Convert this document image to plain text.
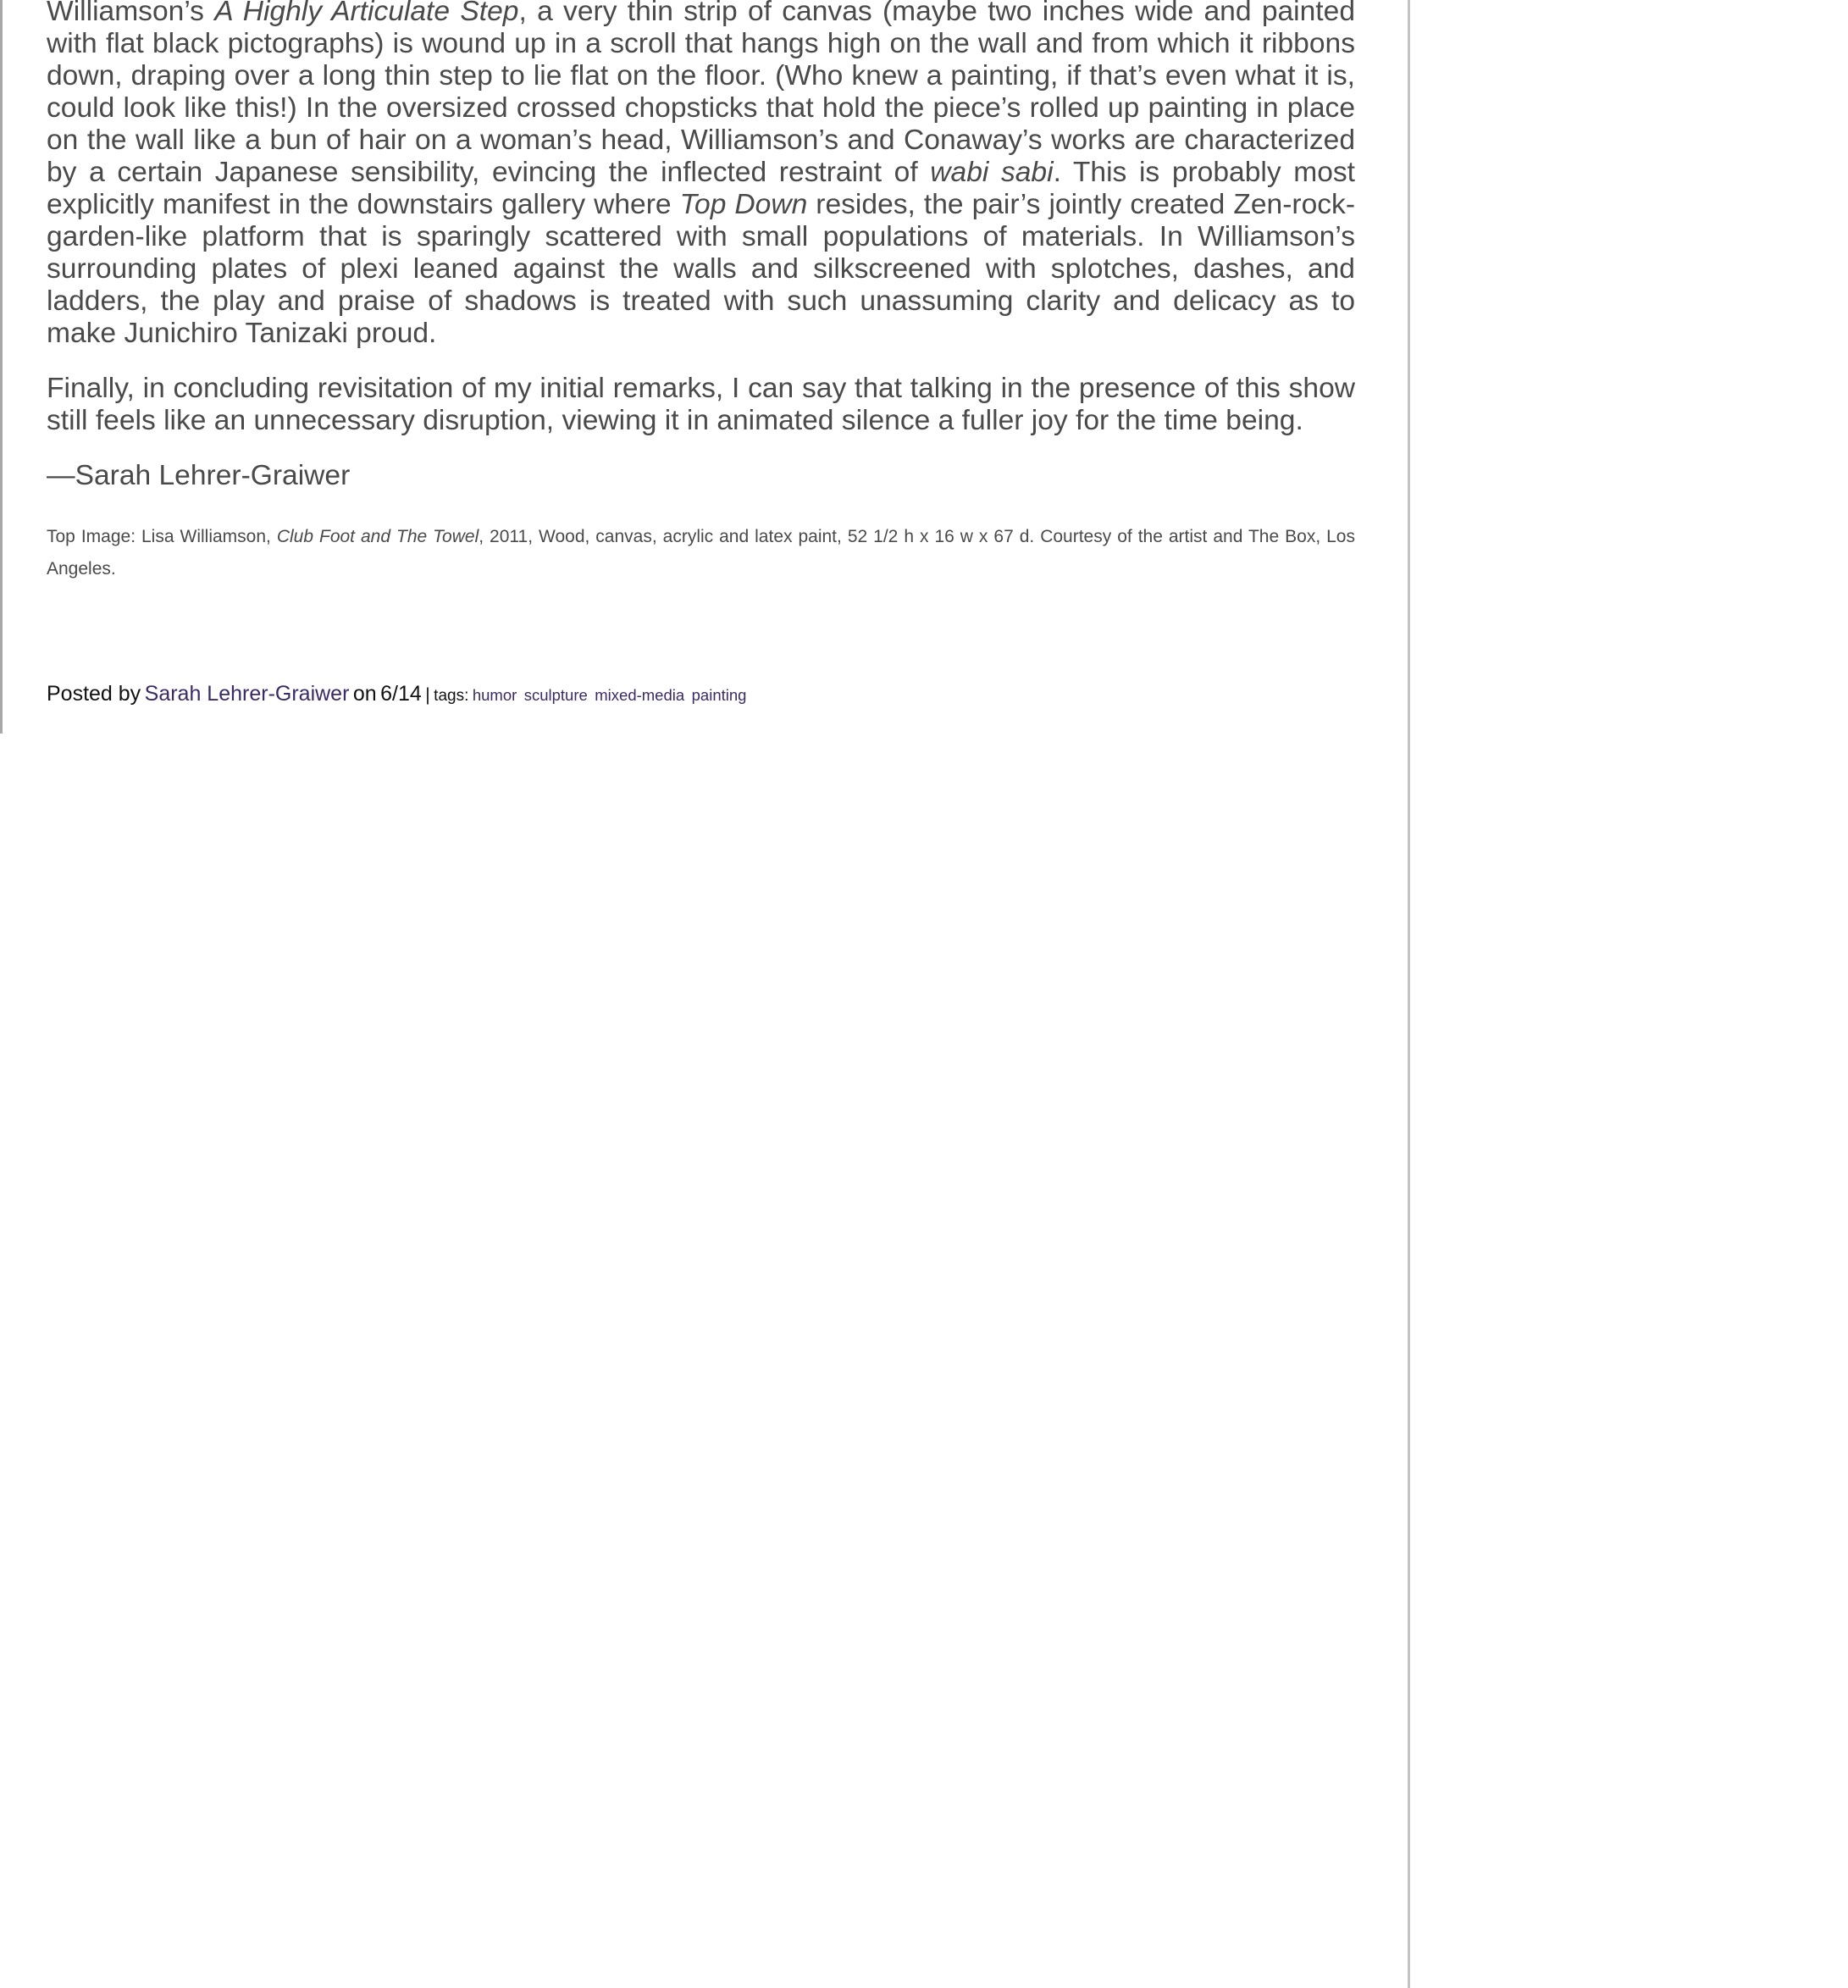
Williamson’s A Highly Articulate Step, a very thin strip of canvas (maybe two inches wide and painted with flat black pictographs) is wound up in a scroll that hangs high on the wall and from which it ribbons down, draping over a long thin step to lie flat on the floor. (Who knew a painting, if that’s even what it is, could look like this!) In the oversized crossed chopsticks that hold the piece’s rolled up painting in place on the wall like a bun of hair on a woman’s head, Williamson’s and Conaway’s works are characterized by a certain Japanese sensibility, evincing the inflected restraint of wabi sabi. This is probably most explicitly manifest in the downstairs gallery where Top Down resides, the pair’s jointly created Zen-rock-garden-like platform that is sparingly scattered with small populations of materials. In Williamson’s surrounding plates of plexi leaned against the walls and silkscreened with splotches, dashes, and ladders, the play and praise of shadows is treated with such unassuming clarity and delicacy as to make Junichiro Tanizaki proud.

Finally, in concluding revisitation of my initial remarks, I can say that talking in the presence of this show still feels like an unnecessary disruption, viewing it in animated silence a fuller joy for the time being.

—Sarah Lehrer-Graiwer

Top Image: Lisa Williamson, Club Foot and The Towel, 2011, Wood, canvas, acrylic and latex paint, 52 1/2 h x 16 w x 67 d. Courtesy of the artist and The Box, Los Angeles.

Posted by Sarah Lehrer-Graiwer on 6/14 | tags: humor sculpture mixed-media painting
